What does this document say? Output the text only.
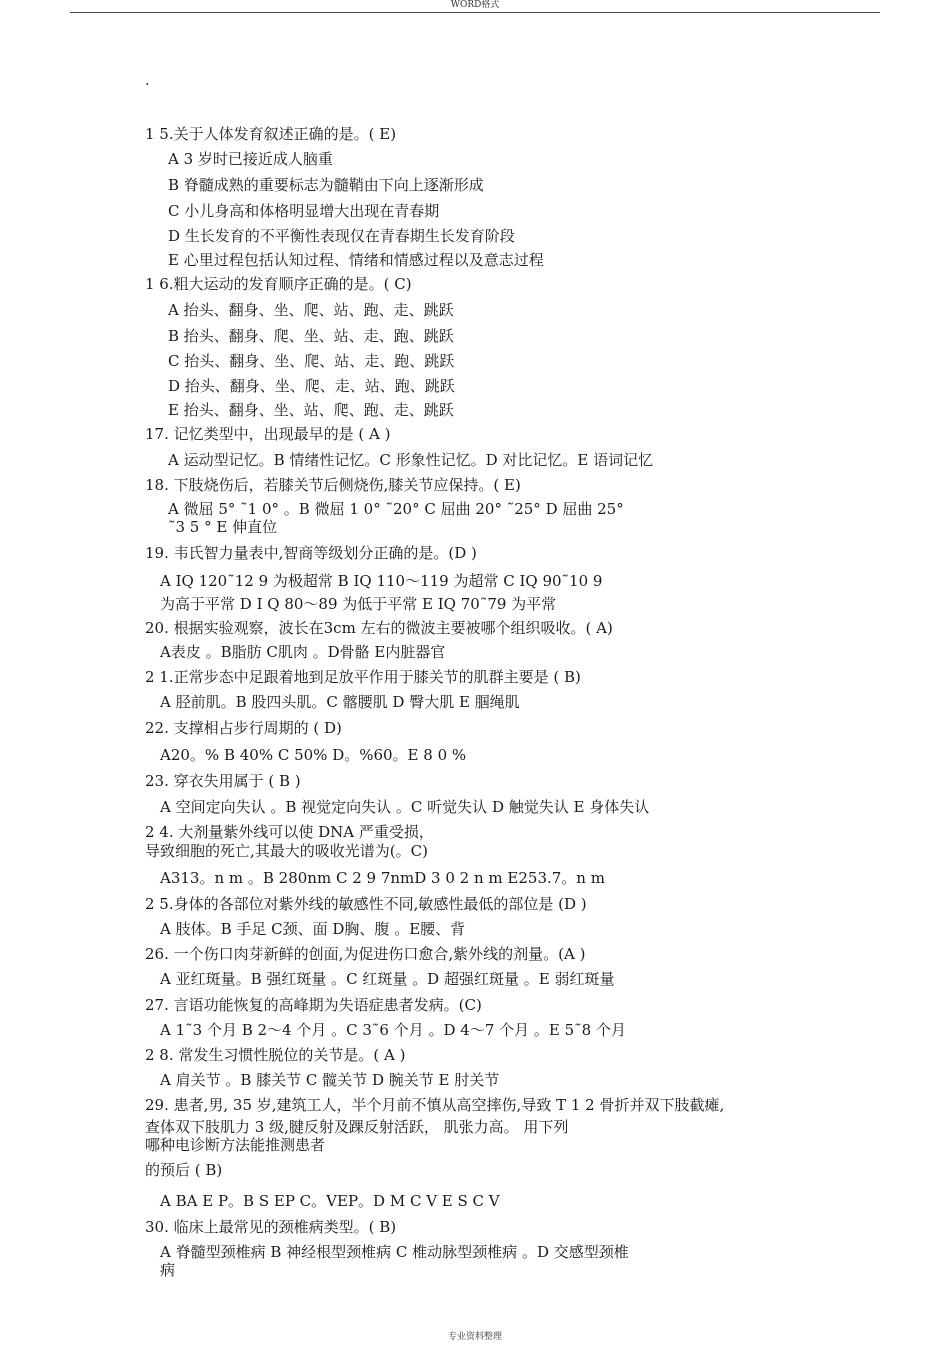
WORD格式
.
1 5.关于人体发育叙述正确的是。( E)
A 3 岁时已接近成人脑重
B 脊髓成熟的重要标志为髓鞘由下向上逐渐形成
C 小儿身高和体格明显增大出现在青春期
D 生长发育的不平衡性表现仅在青春期生长发育阶段
E 心里过程包括认知过程、情绪和情感过程以及意志过程
1 6.粗大运动的发育顺序正确的是。( C)
A 抬头、翻身、坐、爬、站、跑、走、跳跃
B 抬头、翻身、爬、坐、站、走、跑、跳跃
C 抬头、翻身、坐、爬、站、走、跑、跳跃
D 抬头、翻身、坐、爬、走、站、跑、跳跃
E 抬头、翻身、坐、站、爬、跑、走、跳跃
17. 记忆类型中，出现最早的是 ( A )
A 运动型记忆。B 情绪性记忆。C 形象性记忆。D 对比记忆。E 语词记忆
18. 下肢烧伤后，若膝关节后侧烧伤,膝关节应保持。( E)
A 微屈 5° ˜1 0° 。B 微屈 1 0° ˜20° C 屈曲 20° ˜25° D 屈曲 25°
˜3 5 ° E 伸直位
19. 韦氏智力量表中,智商等级划分正确的是。(D )
A IQ 120˜12 9 为极超常 B IQ 110～119 为超常 C IQ 90˜10 9
为高于平常 D I Q 80～89 为低于平常 E IQ 70˜79 为平常
20. 根据实验观察，波长在3cm 左右的微波主要被哪个组织吸收。( A)
A表皮 。B脂肪 C肌肉 。D骨骼 E内脏器官
2 1.正常步态中足跟着地到足放平作用于膝关节的肌群主要是 ( B)
A 胫前肌。B 股四头肌。C 髂腰肌 D 臀大肌 E 腘绳肌
22. 支撑相占步行周期的 ( D)
A20。% B 40% C 50% D。%60。E 8 0 %
23. 穿衣失用属于 ( B )
A 空间定向失认 。B 视觉定向失认 。C 听觉失认 D 触觉失认 E 身体失认
2 4. 大剂量紫外线可以使 DNA 严重受损，
导致细胞的死亡,其最大的吸收光谱为(。C)
A313。n m 。B 280nm C 2 9 7nmD 3 0 2 n m E253.7。n m
2 5.身体的各部位对紫外线的敏感性不同,敏感性最低的部位是 (D )
A 肢体。B 手足 C颈、面 D胸、腹 。E腰、背
26. 一个伤口肉芽新鲜的创面,为促进伤口愈合,紫外线的剂量。(A )
A 亚红斑量。B 强红斑量 。C 红斑量 。D 超强红斑量 。E 弱红斑量
27. 言语功能恢复的高峰期为失语症患者发病。(C)
A 1˜3 个月 B 2～4 个月 。C 3˜6 个月 。D 4～7 个月 。E 5˜8 个月
2 8. 常发生习惯性脱位的关节是。( A )
A 肩关节 。B 膝关节 C 髋关节 D 腕关节 E 肘关节
29. 患者,男, 35 岁,建筑工人，半个月前不慎从高空摔伤,导致 T 1 2 骨折并双下肢截瘫,
查体双下肢肌力 3 级,腱反射及踝反射活跃， 肌张力高。 用下列
哪种电诊断方法能推测患者
的预后 ( B)
A BA E P。B S EP C。VEP。D M C V E S C V
30. 临床上最常见的颈椎病类型。( B)
A 脊髓型颈椎病 B 神经根型颈椎病 C 椎动脉型颈椎病 。D 交感型颈椎
病
专业资料整理
